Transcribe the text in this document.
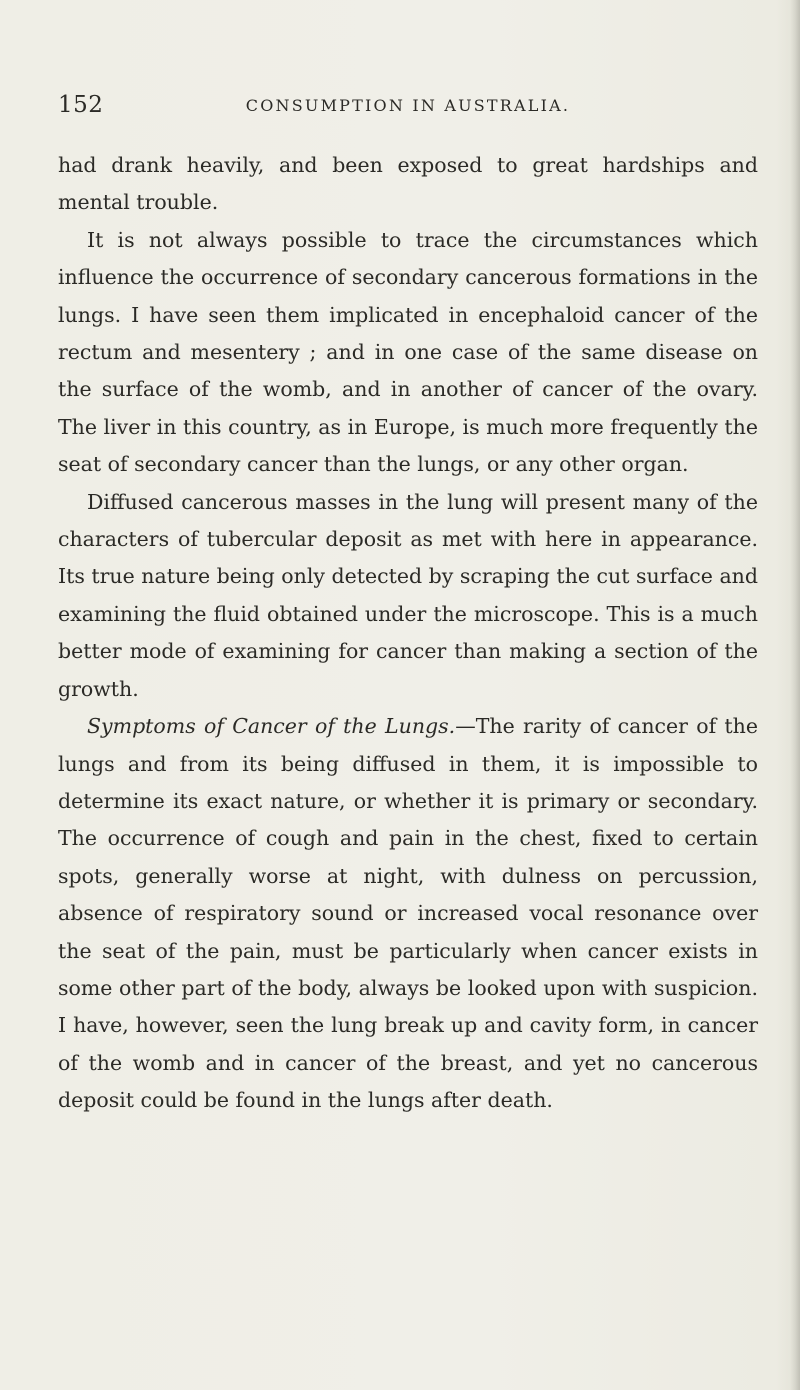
152	CONSUMPTION IN AUSTRALIA.

had drank heavily, and been exposed to great hardships and mental trouble.

It is not always possible to trace the circumstances which influence the occurrence of secondary cancerous formations in the lungs. I have seen them implicated in encephaloid cancer of the rectum and mesentery ; and in one case of the same disease on the surface of the womb, and in another of cancer of the ovary. The liver in this country, as in Europe, is much more frequently the seat of secondary cancer than the lungs, or any other organ.

Diffused cancerous masses in the lung will present many of the characters of tubercular deposit as met with here in appearance. Its true nature being only detected by scraping the cut surface and examining the fluid obtained under the microscope. This is a much better mode of examining for cancer than making a section of the growth.

Symptoms of Cancer of the Lungs.—The rarity of cancer of the lungs and from its being diffused in them, it is impossible to determine its exact nature, or whether it is primary or secondary. The occurrence of cough and pain in the chest, fixed to certain spots, generally worse at night, with dulness on percussion, absence of respiratory sound or increased vocal resonance over the seat of the pain, must be particularly when cancer exists in some other part of the body, always be looked upon with suspicion. I have, however, seen the lung break up and cavity form, in cancer of the womb and in cancer of the breast, and yet no cancerous deposit could be found in the lungs after death.
